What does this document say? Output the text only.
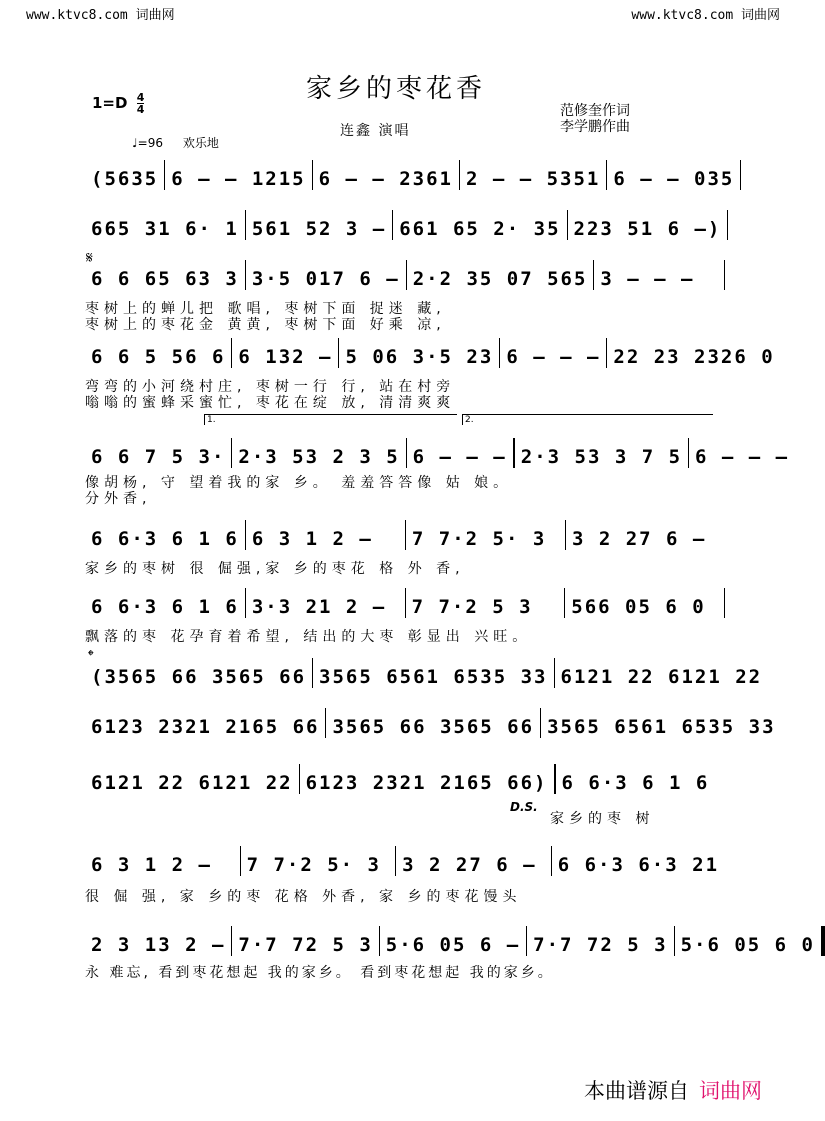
www.ktvc8.com 词曲网	www.ktvc8.com 词曲网
家乡的枣花香
$1=D \frac{4}{4}$
♩=96 欢乐地
连鑫 演唱
范修奎作词
李学鹏作曲
(5635 6 – – 1215 6 – – 2361 2 – – 5351 6 – – 035
665 31 6· 1 561 52 3 – 661 65 2· 35 223 51 6 –)
𝄋
6 6 65 63 3 3·5 017 6 – 2·2 35 07 565 3 – – –
枣树上的蝉儿把 歌唱, 枣树下面 捉迷 藏,
枣树上的枣花金 黄黄, 枣树下面 好乘 凉,
6 6 5 56 6 6 132 – 5 06 3·5 23 6 – – – 22 23 2326 0
弯弯的小河绕村庄, 枣树一行 行, 站在村旁
嗡嗡的蜜蜂采蜜忙, 枣花在绽 放, 清清爽爽
1.	2.
6 6 7 5 3· 2·3 53 2 3 5 6 – – – 2·3 53 3 7 5 6 – – –
像胡杨, 守 望着我的家 乡。 羞羞答答像 姑 娘。
分外香,
6 6·3 6 1 6 6 3 1 2 –	7 7·2 5· 3	3 2 27 6 –
家乡的枣树 很 倔强,家 乡的枣花 格 外 香,
6 6·3 6 1 6 3·3 21 2 –	7 7·2 5 3	566 05 6 0
飘落的枣 花孕育着希望, 结出的大枣 彰显出 兴旺。
𝄌
(3565 66 3565 66 3565 6561 6535 33 6121 22 6121 22
6123 2321 2165 66 3565 66 3565 66 3565 6561 6535 33
6121 22 6121 22 6123 2321 2165 66) 6 6·3 6 1 6
D.S.
家乡的枣 树
6 3 1 2 –	7 7·2 5· 3	3 2 27 6 –	6 6·3 6·3 21
很 倔 强, 家 乡的枣 花格 外香, 家 乡的枣花馒头
2 3 13 2 – 7·7 72 5 3 5·6 05 6 – 7·7 72 5 3 5·6 05 6 0
永 难忘, 看到枣花想起 我的家乡。 看到枣花想起 我的家乡。
本曲谱源自 词曲网
